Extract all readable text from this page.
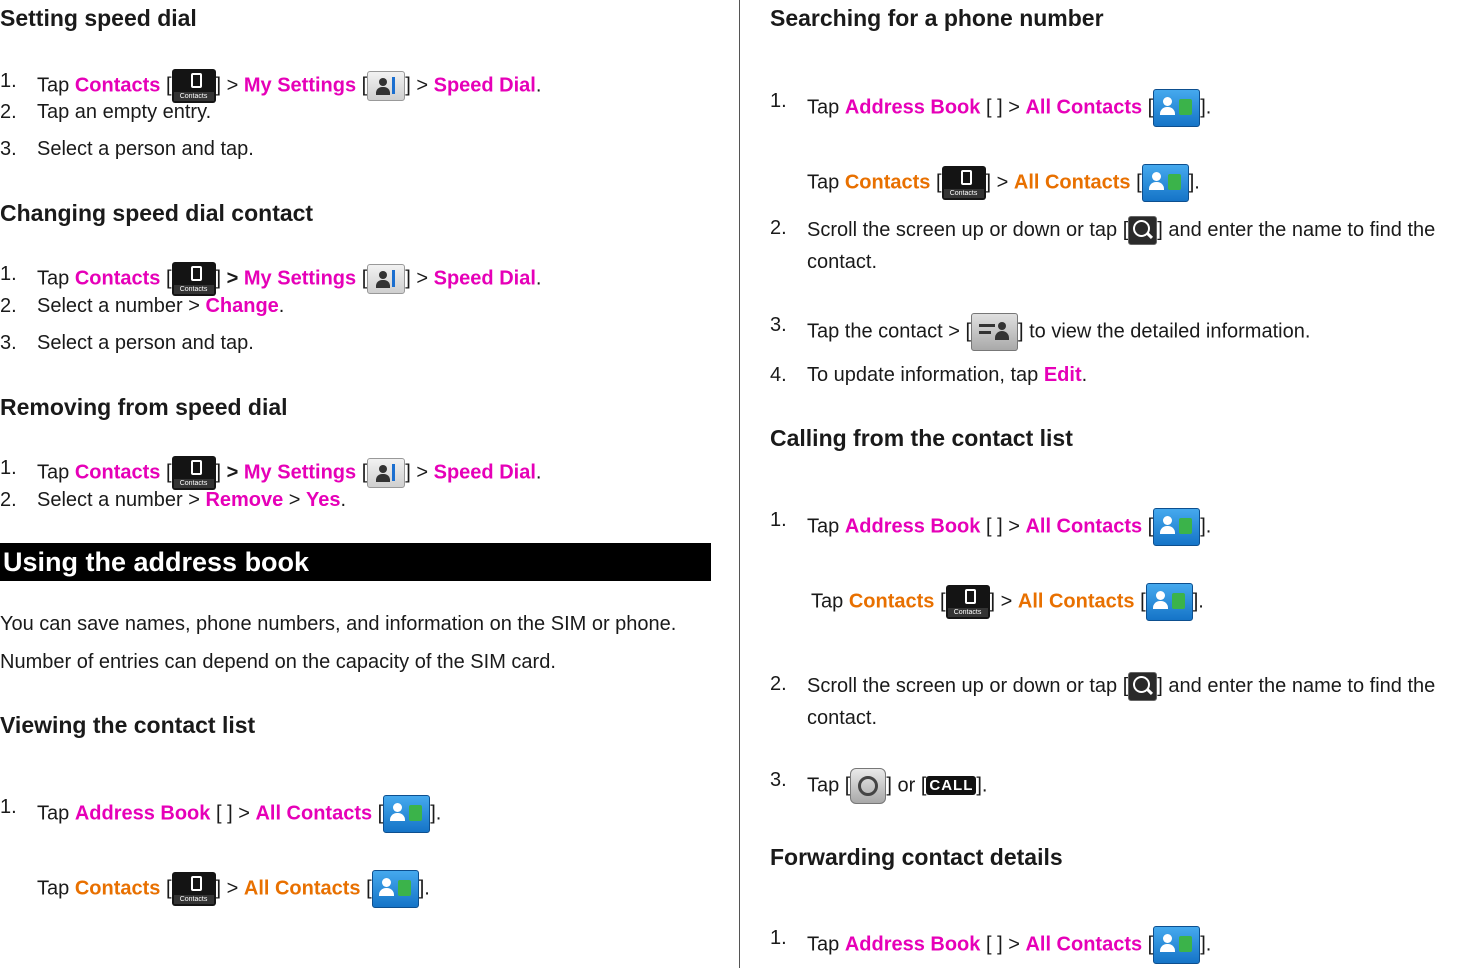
Setting speed dial
1. Tap Contacts [
Contacts
] > My Settings [ ] > Speed Dial.
2. Tap an empty entry.
3. Select a person and tap.
Changing speed dial contact
1. Tap Contacts [
Contacts
] > My Settings [ ] > Speed Dial.
2. Select a number > Change.
3. Select a person and tap.
Removing from speed dial
1. Tap Contacts [
Contacts
] > My Settings [ ] > Speed Dial.
2. Select a number > Remove > Yes.
Using the address book
You can save names, phone numbers, and information on the SIM or phone.
Number of entries can depend on the capacity of the SIM card.
Viewing the contact list
1. Tap Address Book [ ] > All Contacts [ ].
Tap Contacts [
Contacts
] > All Contacts [ ].
Searching for a phone number
1. Tap Address Book [ ] > All Contacts [ ].
Tap Contacts [
Contacts
] > All Contacts [ ].
2. Scroll the screen up or down or tap [ ] and enter the name to find the
contact.
3. Tap the contact > [ ] to view the detailed information.
4. To update information, tap Edit.
Calling from the contact list
1. Tap Address Book [ ] > All Contacts [ ].
Tap Contacts [
Contacts
] > All Contacts [ ].
2. Scroll the screen up or down or tap [ ] and enter the name to find the
contact.
3. Tap [ ] or [ CALL ].
Forwarding contact details
1. Tap Address Book [ ] > All Contacts [ ].
